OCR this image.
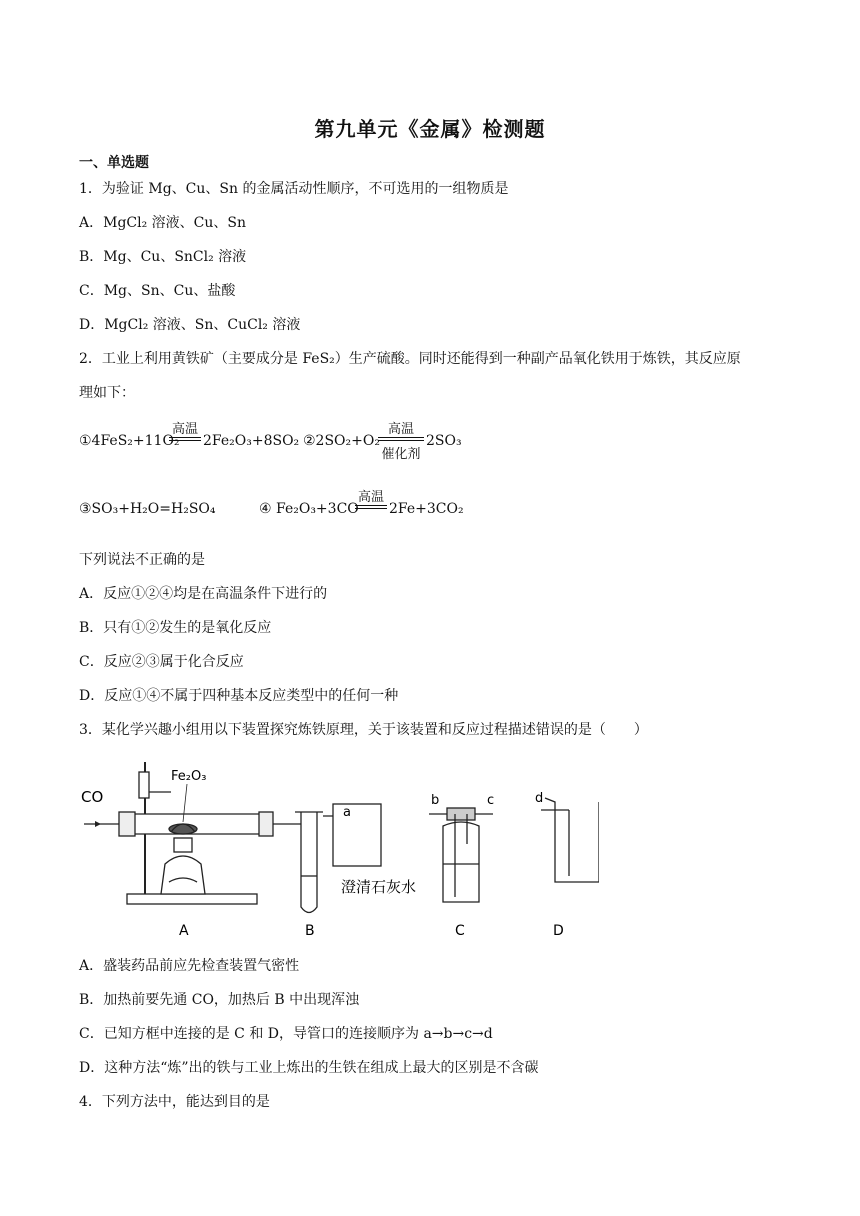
第九单元《金属》检测题
一、单选题
1．为验证 Mg、Cu、Sn 的金属活动性顺序，不可选用的一组物质是
A．MgCl₂ 溶液、Cu、Sn
B．Mg、Cu、SnCl₂ 溶液
C．Mg、Sn、Cu、盐酸
D．MgCl₂ 溶液、Sn、CuCl₂ 溶液
2．工业上利用黄铁矿（主要成分是 FeS₂）生产硫酸。同时还能得到一种副产品氧化铁用于炼铁，其反应原
理如下：
①4FeS₂+11O₂
高温
2Fe₂O₃+8SO₂ ②2SO₂+O₂
高温
催化剂
2SO₃
③SO₃+H₂O=H₂SO₄	④ Fe₂O₃+3CO
高温
2Fe+3CO₂
下列说法不正确的是
A．反应①②④均是在高温条件下进行的
B．只有①②发生的是氧化反应
C．反应②③属于化合反应
D．反应①④不属于四种基本反应类型中的任何一种
3．某化学兴趣小组用以下装置探究炼铁原理，关于该装置和反应过程描述错误的是（　　）
CO
Fe₂O₃
A
a
澄清石灰水
B
b	c
C
d
D
A．盛装药品前应先检查装置气密性
B．加热前要先通 CO，加热后 B 中出现浑浊
C．已知方框中连接的是 C 和 D，导管口的连接顺序为 a→b→c→d
D．这种方法“炼”出的铁与工业上炼出的生铁在组成上最大的区别是不含碳
4．下列方法中，能达到目的是
